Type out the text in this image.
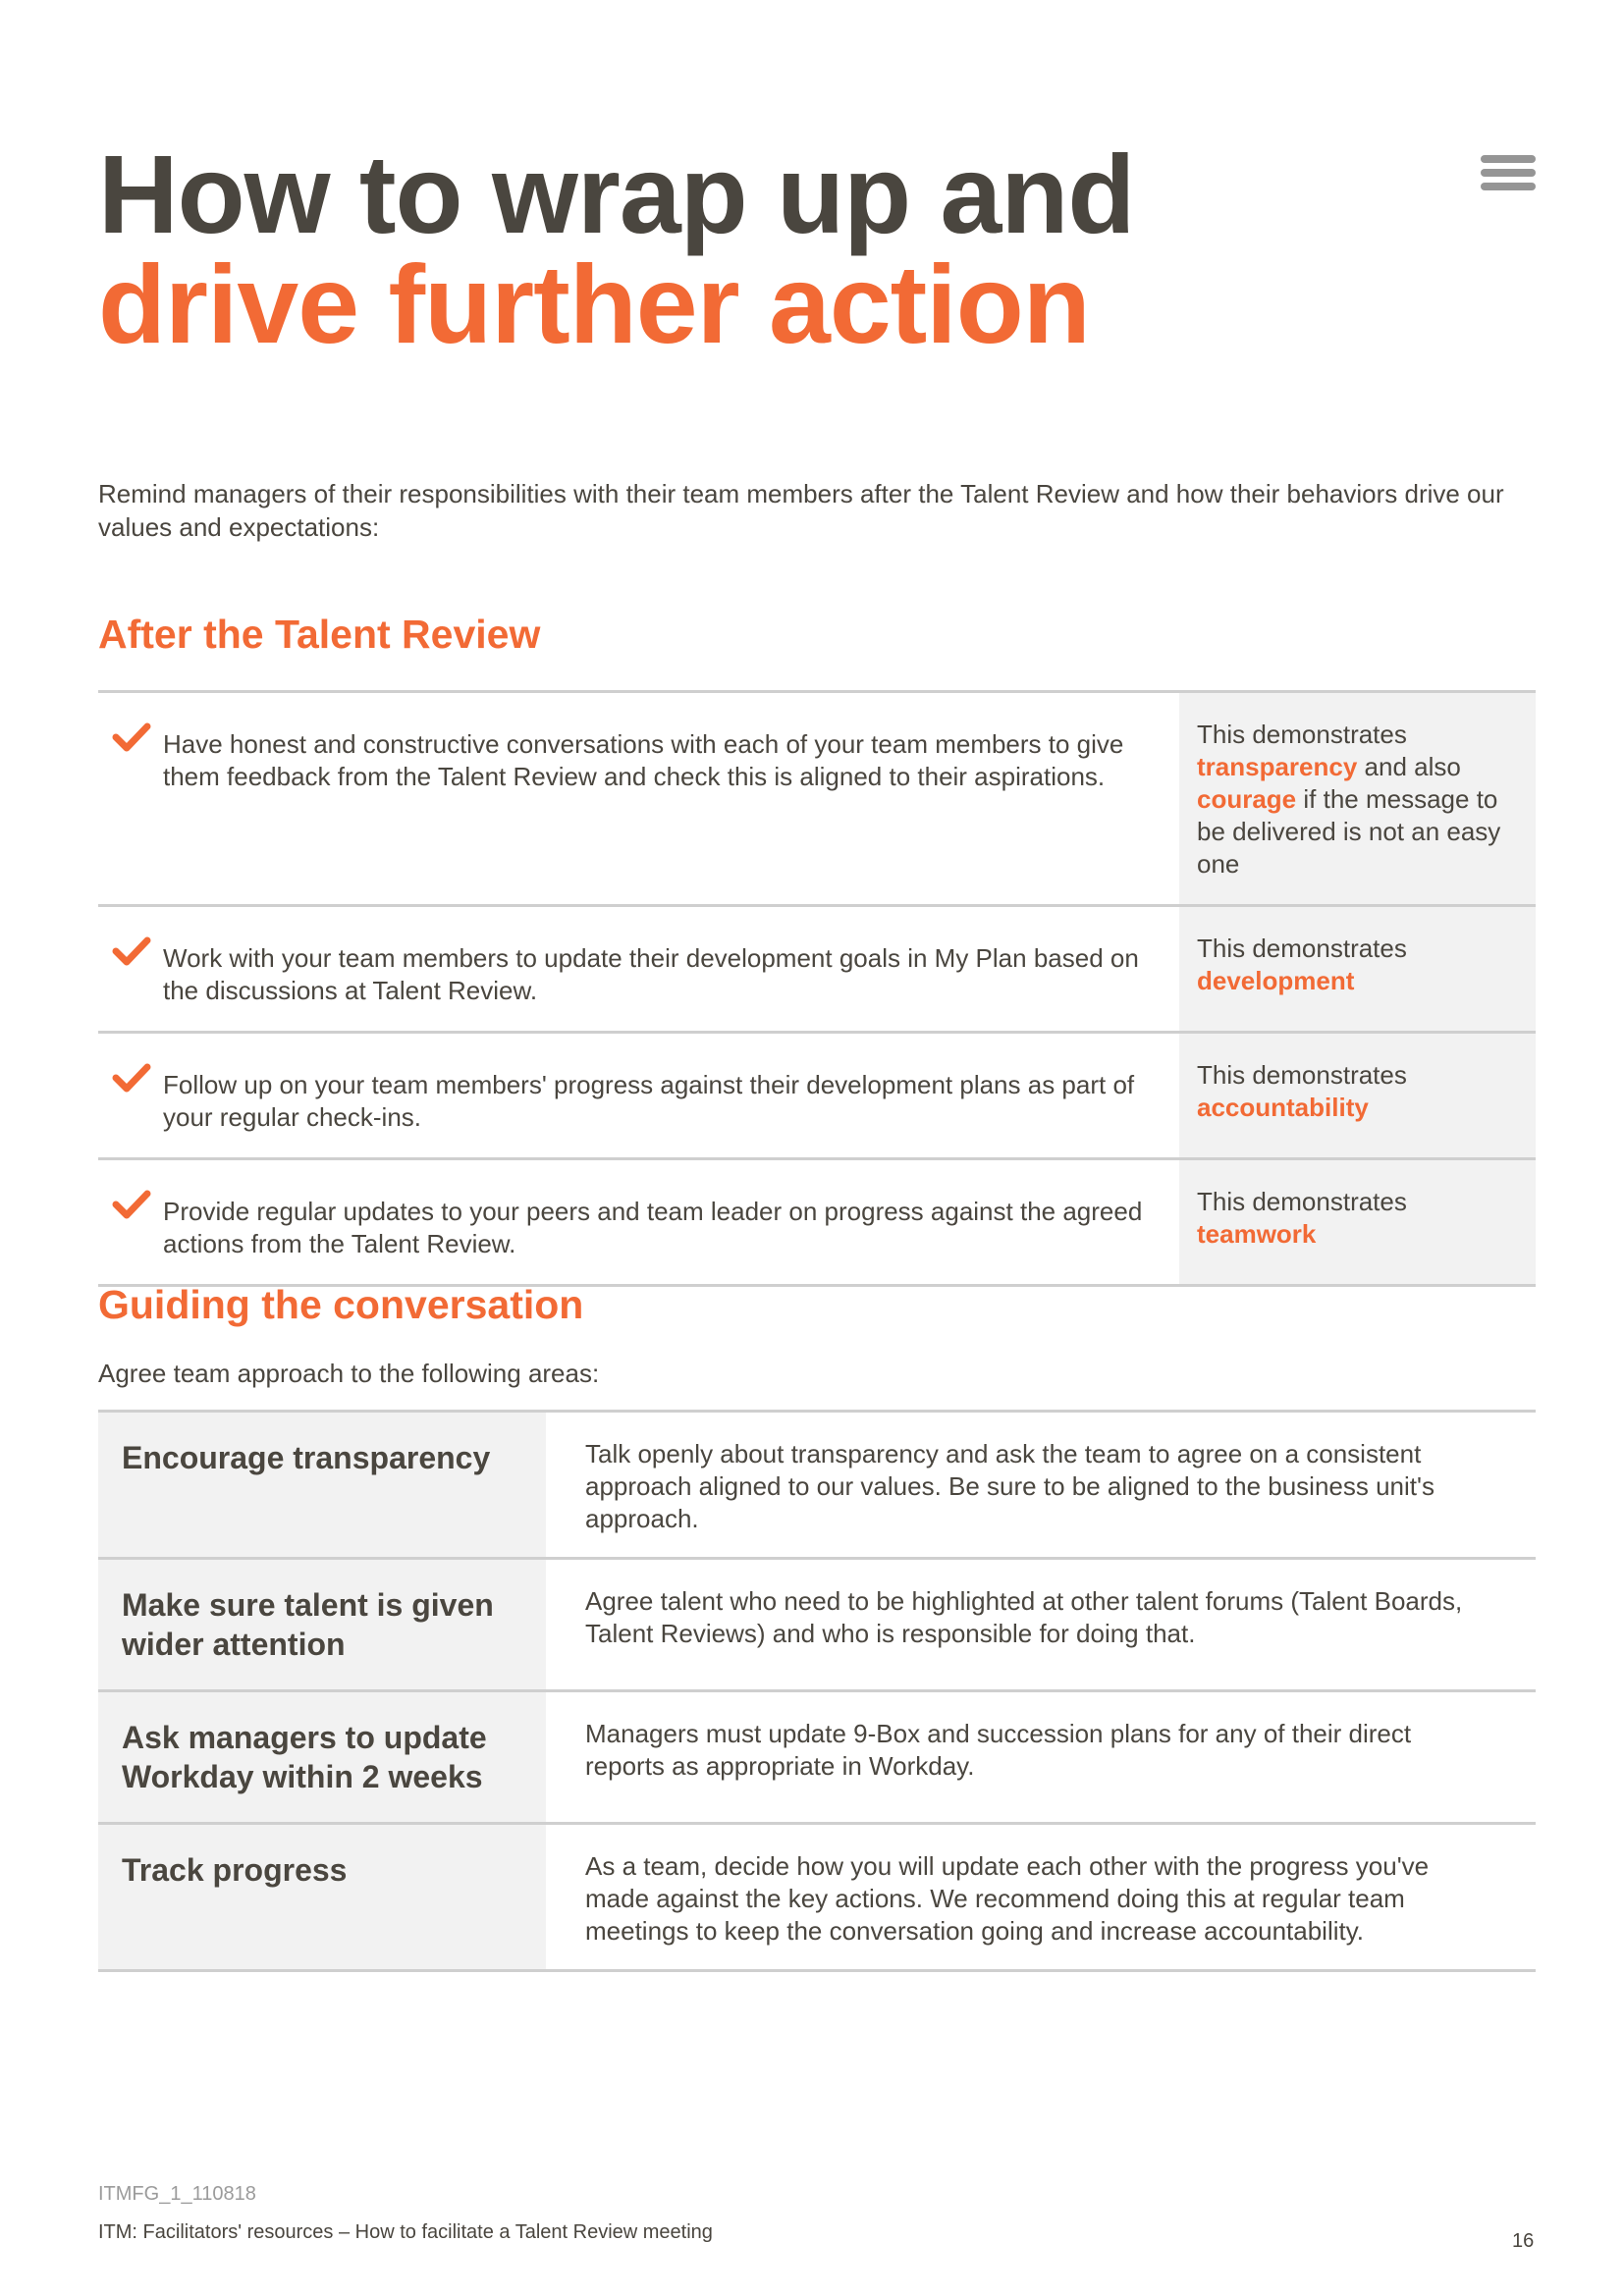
How to wrap up and
drive further action

Remind managers of their responsibilities with their team members after the Talent Review and how their behaviors drive our values and expectations:

After the Talent Review
Have honest and constructive conversations with each of your team members to give them feedback from the Talent Review and check this is aligned to their aspirations.	This demonstrates transparency and also courage if the message to be delivered is not an easy one

Work with your team members to update their development goals in My Plan based on the discussions at Talent Review.	This demonstrates development

Follow up on your team members' progress against their development plans as part of your regular check-ins.	This demonstrates accountability

Provide regular updates to your peers and team leader on progress against the agreed actions from the Talent Review.	This demonstrates teamwork
Guiding the conversation

Agree team approach to the following areas:

Encourage transparency	Talk openly about transparency and ask the team to agree on a consistent approach aligned to our values. Be sure to be aligned to the business unit's approach.
Make sure talent is given wider attention	Agree talent who need to be highlighted at other talent forums (Talent Boards, Talent Reviews) and who is responsible for doing that.
Ask managers to update Workday within 2 weeks	Managers must update 9-Box and succession plans for any of their direct reports as appropriate in Workday.
Track progress	As a team, decide how you will update each other with the progress you've made against the key actions. We recommend doing this at regular team meetings to keep the conversation going and increase accountability.
ITMFG_1_110818
ITM: Facilitators' resources – How to facilitate a Talent Review meeting	16
